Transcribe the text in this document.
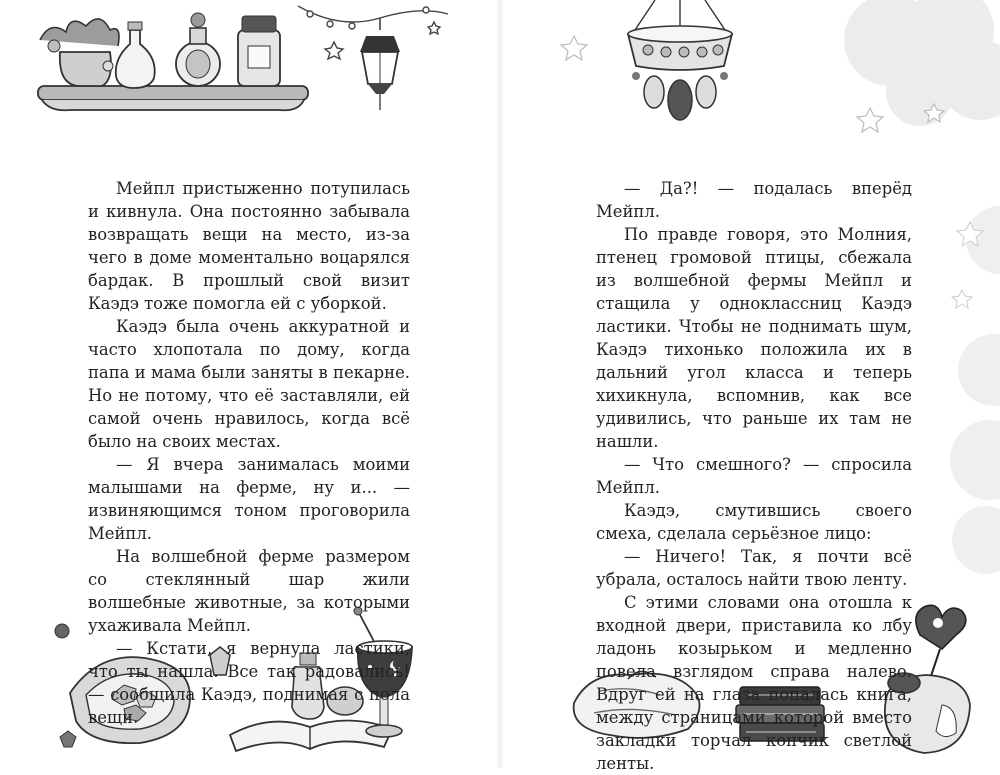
Мейпл пристыженно потупилась и кивнула. Она постоянно забывала возвращать вещи на место, из-за чего в доме моментально воцарялся бардак. В прошлый свой визит Каэдэ тоже помогла ей с уборкой.

Каэдэ была очень аккуратной и часто хлопотала по дому, когда папа и мама были заняты в пекарне. Но не потому, что её заставляли, ей самой очень нравилось, когда всё было на своих местах.

— Я вчера занималась моими малышами на ферме, ну и... — извиняющимся тоном проговорила Мейпл.

На волшебной ферме размером со стеклянный шар жили волшебные животные, за которыми ухаживала Мейпл.

— Кстати, я вернула ластики, что ты нашла. Все так радовались! — сообщила Каэдэ, поднимая с пола вещи.

— Да?! — подалась вперёд Мейпл.

По правде говоря, это Молния, птенец громовой птицы, сбежала из волшебной фермы Мейпл и стащила у одноклассниц Каэдэ ластики. Чтобы не поднимать шум, Каэдэ тихонько положила их в дальний угол класса и теперь хихикнула, вспомнив, как все удивились, что раньше их там не нашли.

— Что смешного? — спросила Мейпл.

Каэдэ, смутившись своего смеха, сделала серьёзное лицо:

— Ничего! Так, я почти всё убрала, осталось найти твою ленту.

С этими словами она отошла к входной двери, приставила ко лбу ладонь козырьком и медленно повела взглядом справа налево. Вдруг ей на глаза попалась книга, между страницами которой вместо закладки торчал кончик светлой ленты.
